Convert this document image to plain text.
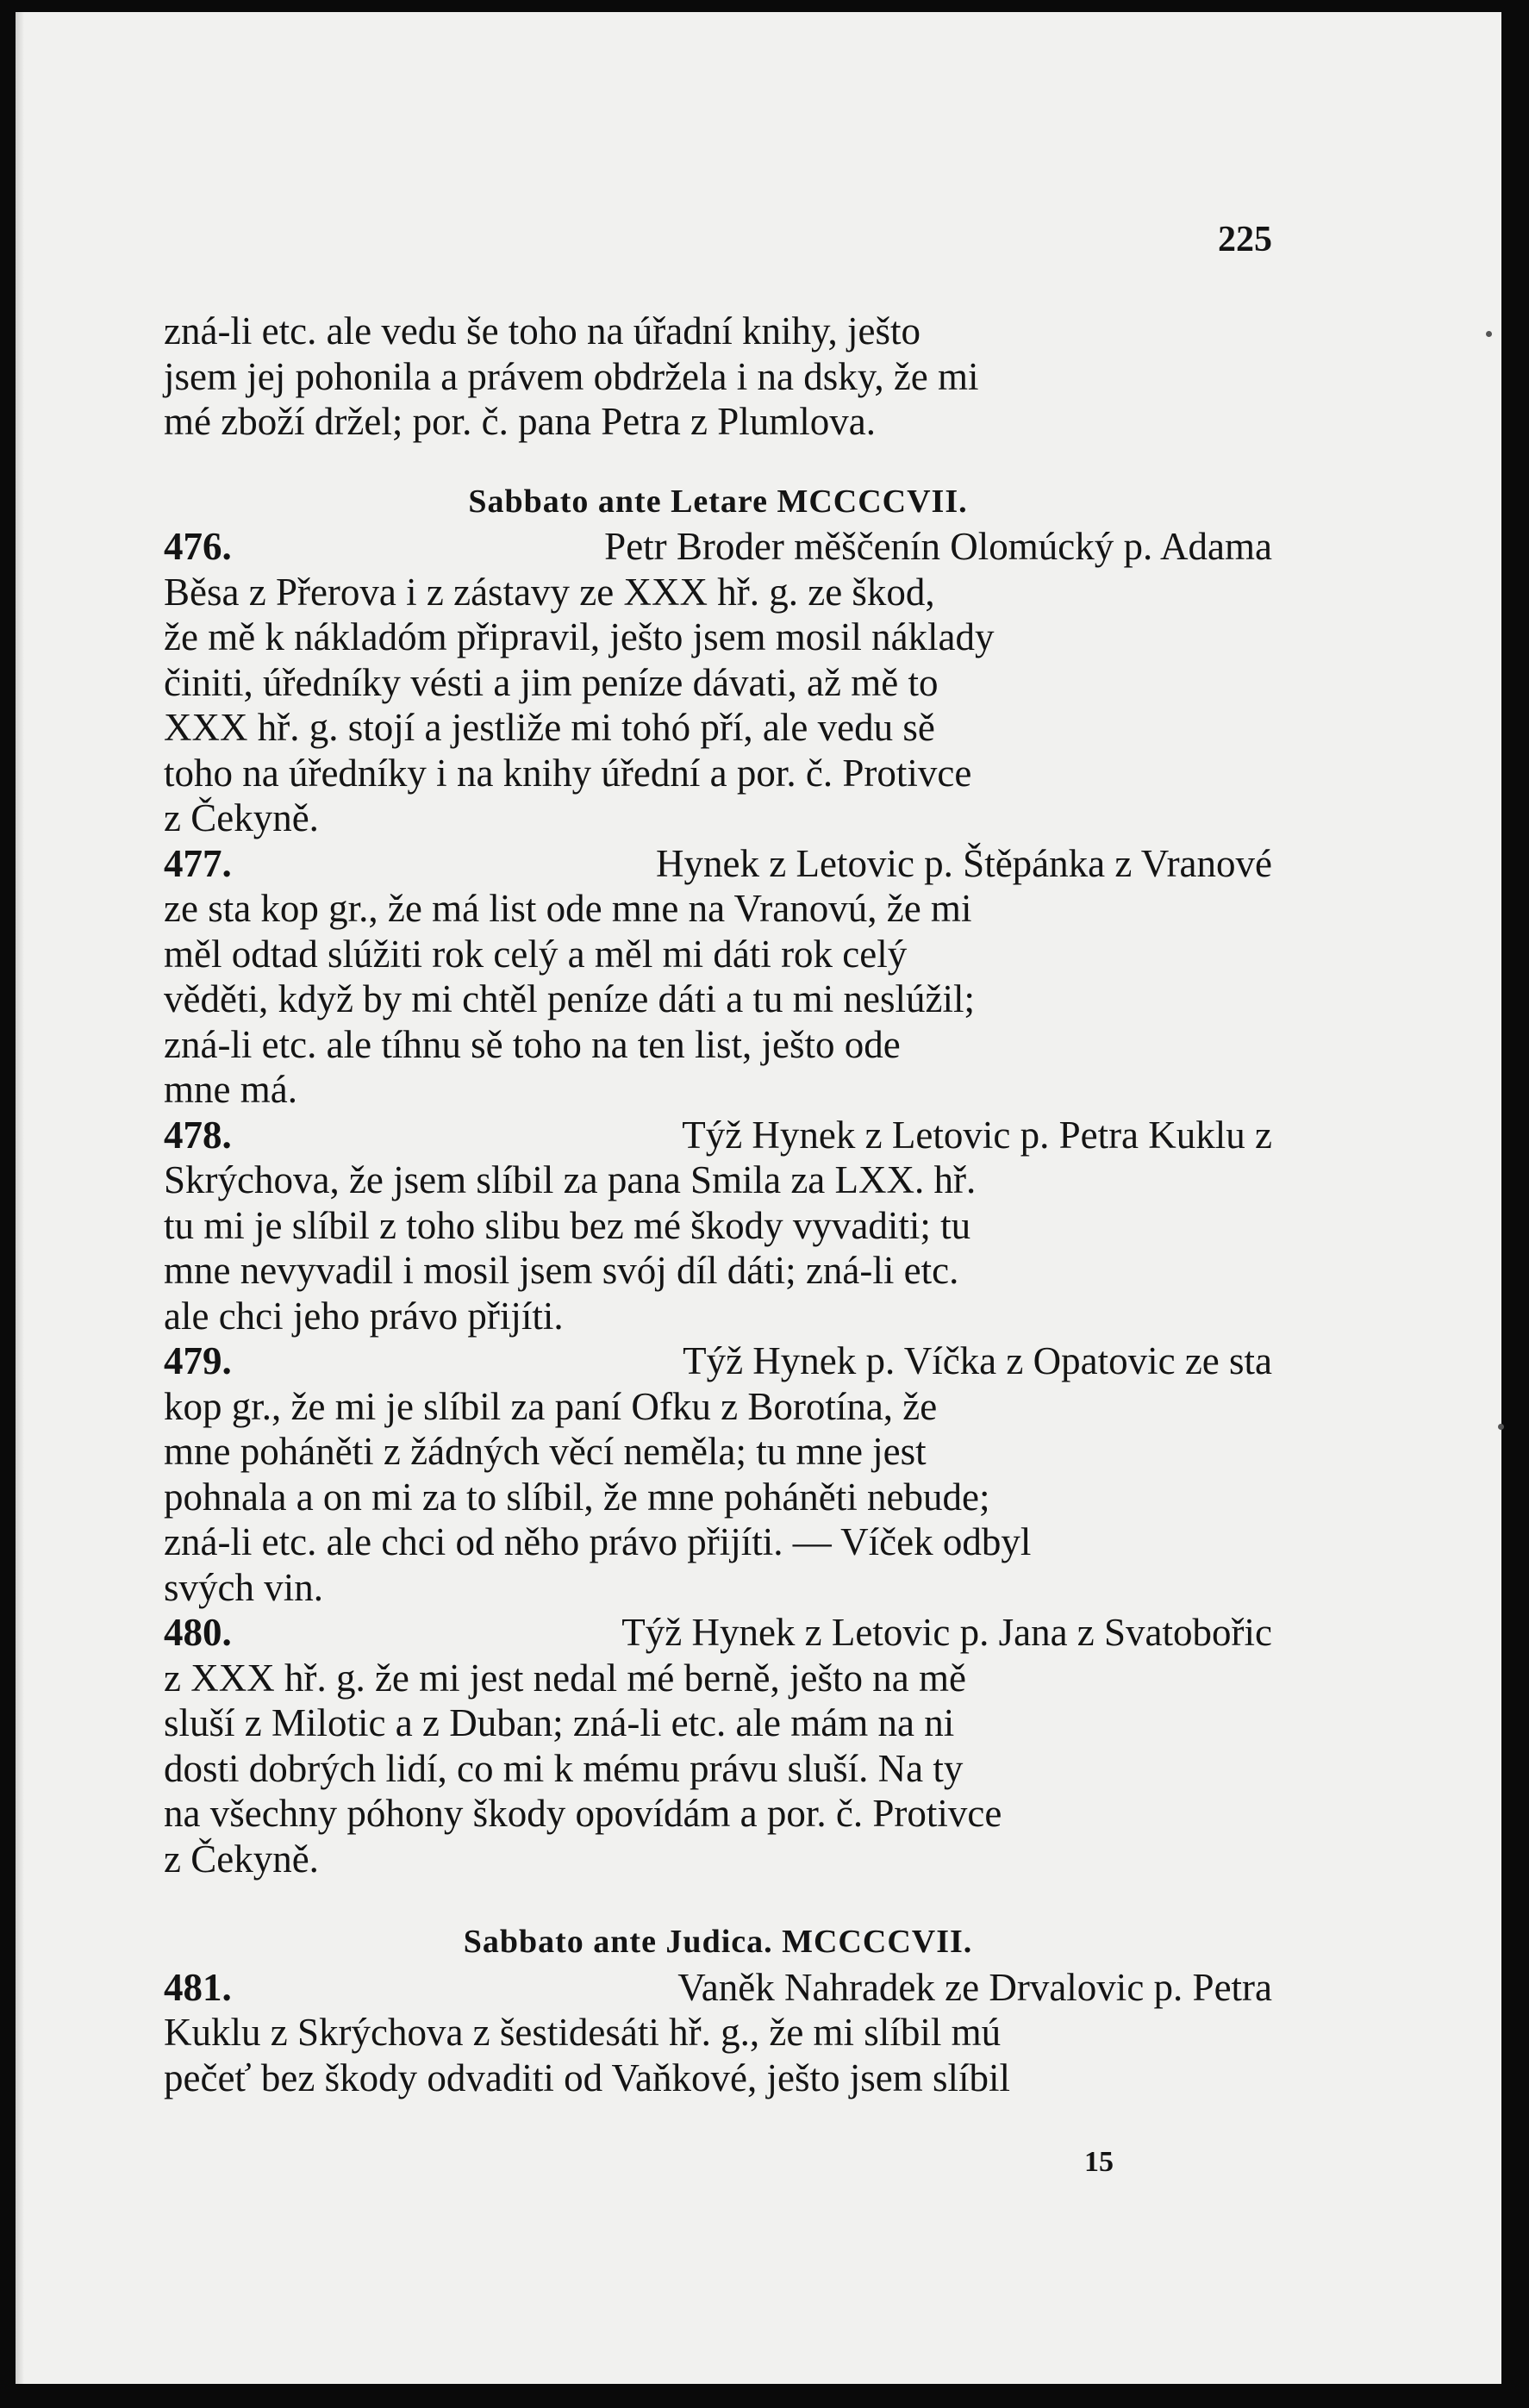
225
zná-li etc. ale vedu še toho na úřadní knihy, ješto
jsem jej pohonila a právem obdržela i na dsky, že mi
mé zboží držel; por. č. pana Petra z Plumlova.
Sabbato ante Letare MCCCCVII.
476.	Petr Broder měščenín Olomúcký p. Adama
Běsa z Přerova i z zástavy ze XXX hř. g. ze škod,
že mě k nákladóm připravil, ješto jsem mosil náklady
činiti, úředníky vésti a jim peníze dávati, až mě to
XXX hř. g. stojí a jestliže mi tohó pří, ale vedu sě
toho na úředníky i na knihy úřední a por. č. Protivce
z Čekyně.
477.	Hynek z Letovic p. Štěpánka z Vranové
ze sta kop gr., že má list ode mne na Vranovú, že mi
měl odtad slúžiti rok celý a měl mi dáti rok celý
věděti, když by mi chtěl peníze dáti a tu mi neslúžil;
zná-li etc. ale tíhnu sě toho na ten list, ješto ode
mne má.
478.	Týž Hynek z Letovic p. Petra Kuklu z
Skrýchova, že jsem slíbil za pana Smila za LXX. hř.
tu mi je slíbil z toho slibu bez mé škody vyvaditi; tu
mne nevyvadil i mosil jsem svój díl dáti; zná-li etc.
ale chci jeho právo přijíti.
479.	Týž Hynek p. Víčka z Opatovic ze sta
kop gr., že mi je slíbil za paní Ofku z Borotína, že
mne poháněti z žádných věcí neměla; tu mne jest
pohnala a on mi za to slíbil, že mne poháněti nebude;
zná-li etc. ale chci od něho právo přijíti. — Víček odbyl
svých vin.
480.	Týž Hynek z Letovic p. Jana z Svatobořic
z XXX hř. g. že mi jest nedal mé berně, ješto na mě
sluší z Milotic a z Duban; zná-li etc. ale mám na ni
dosti dobrých lidí, co mi k mému právu sluší. Na ty
na všechny póhony škody opovídám a por. č. Protivce
z Čekyně.
Sabbato ante Judica. MCCCCVII.
481.	Vaněk Nahradek ze Drvalovic p. Petra
Kuklu z Skrýchova z šestidesáti hř. g., že mi slíbil mú
pečeť bez škody odvaditi od Vaňkové, ješto jsem slíbil
15
